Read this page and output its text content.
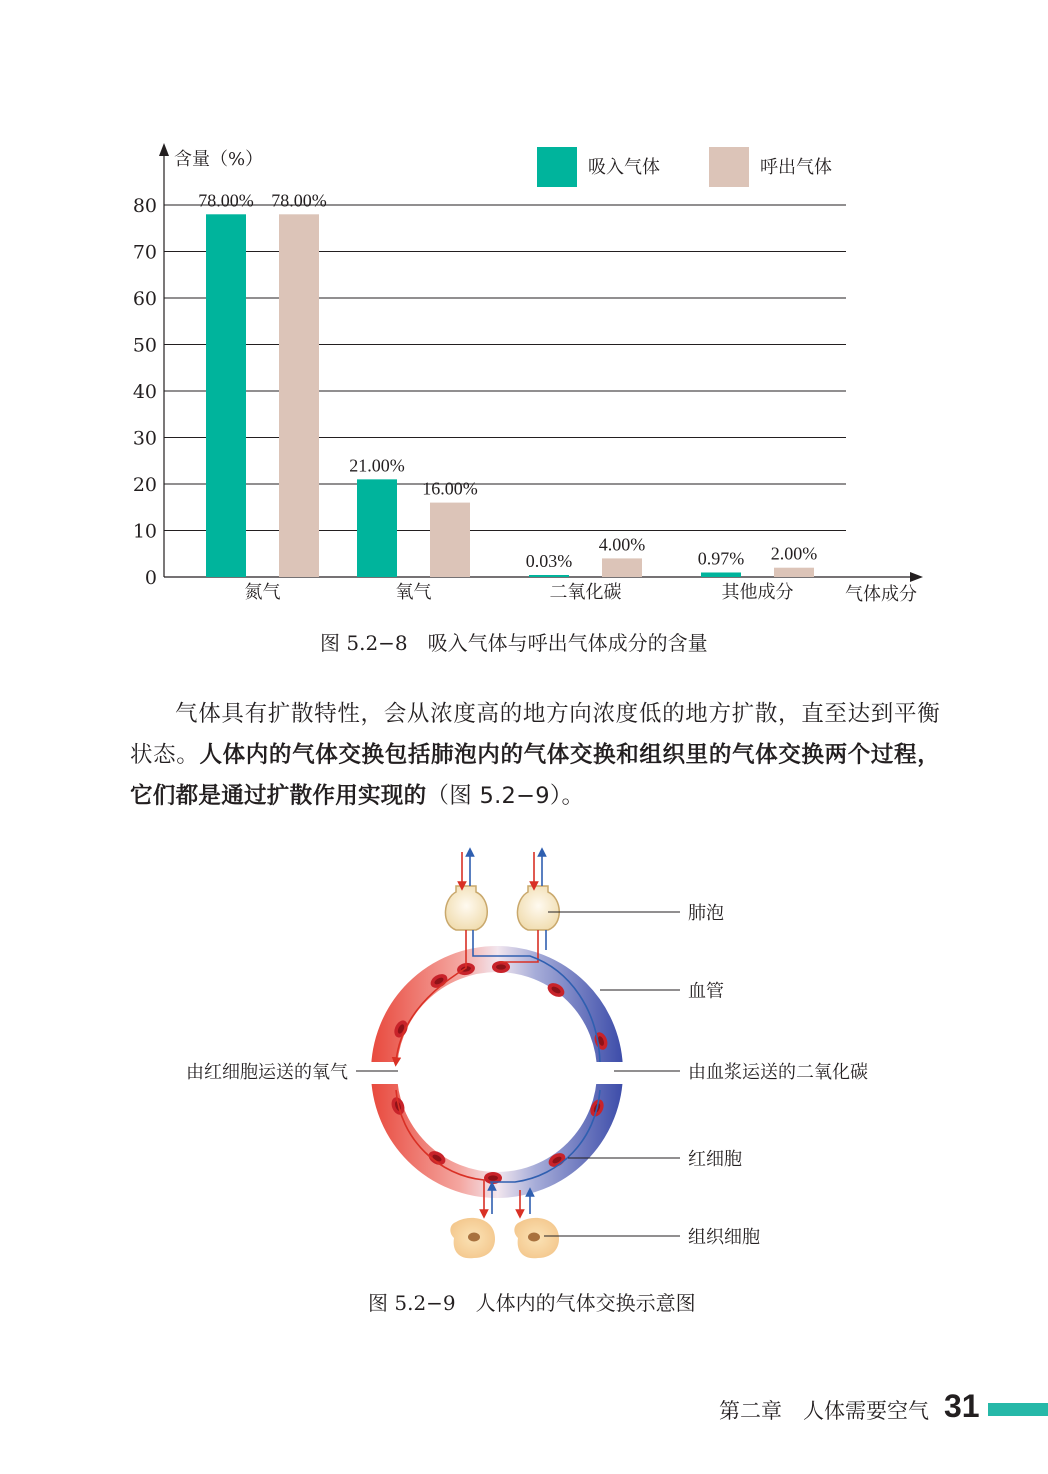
0
10
20
30
40
50
60
70
80
含量（%）
气体成分
78.00% 78.00%
氮气
21.00%
16.00%
氧气
0.03%
4.00%
二氧化碳
0.97% 2.00%
其他成分
吸入气体	呼出气体
图 5.2−8　吸入气体与呼出气体成分的含量

气体具有扩散特性，会从浓度高的地方向浓度低的地方扩散，直至达到平衡状态。人体内的气体交换包括肺泡内的气体交换和组织里的气体交换两个过程，它们都是通过扩散作用实现的（图 5.2−9）。

肺泡
血管
由血浆运送的二氧化碳
由红细胞运送的氧气
红细胞
组织细胞
图 5.2−9　人体内的气体交换示意图
第二章　人体需要空气 31
